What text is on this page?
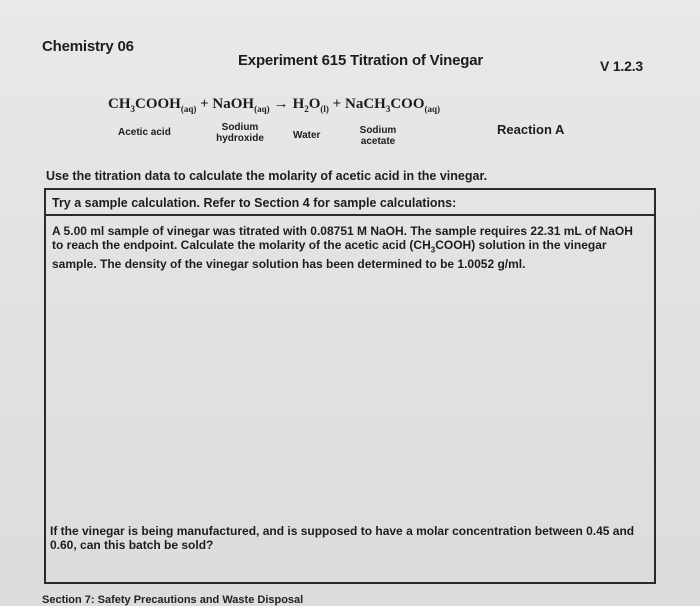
Chemistry 06
Experiment 615 Titration of Vinegar	V 1.2.3
$CH_3COOH_{(aq)}$ + NaOH$_{(aq)}$ → $H_2O_{(l)}$ + $NaCH_3COO_{(aq)}$
Acetic acid	Sodium
hydroxide	Water	Sodium
acetate
Reaction A
Use the titration data to calculate the molarity of acetic acid in the vinegar.
Try a sample calculation. Refer to Section 4 for sample calculations:
A 5.00 ml sample of vinegar was titrated with 0.08751 M NaOH. The sample requires 22.31 mL of NaOH to reach the endpoint. Calculate the molarity of the acetic acid $(CH_3COOH)$ solution in the vinegar sample. The density of the vinegar solution has been determined to be 1.0052 g/ml.
If the vinegar is being manufactured, and is supposed to have a molar concentration between 0.45 and 0.60, can this batch be sold?
Section 7: Safety Precautions and Waste Disposal
